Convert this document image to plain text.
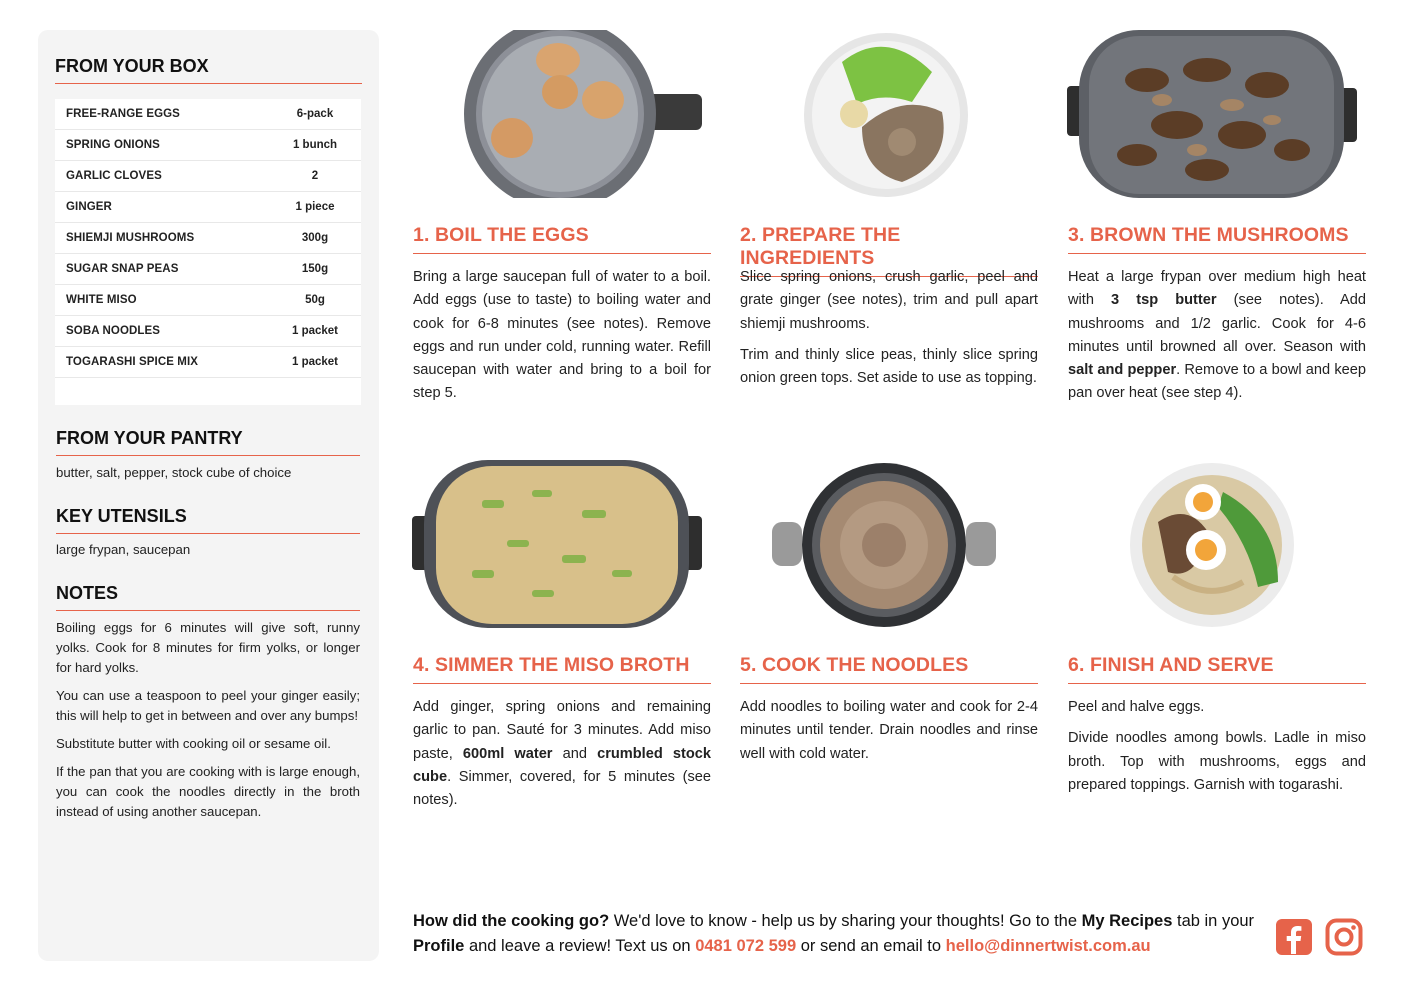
FROM YOUR BOX
FREE-RANGE EGGS	6-pack
SPRING ONIONS	1 bunch
GARLIC CLOVES	2
GINGER	1 piece
SHIEMJI MUSHROOMS	300g
SUGAR SNAP PEAS	150g
WHITE MISO	50g
SOBA NOODLES	1 packet
TOGARASHI SPICE MIX	1 packet
FROM YOUR PANTRY
butter, salt, pepper, stock cube of choice
KEY UTENSILS
large frypan, saucepan
NOTES

Boiling eggs for 6 minutes will give soft, runny yolks. Cook for 8 minutes for firm yolks, or longer for hard yolks.

You can use a teaspoon to peel your ginger easily; this will help to get in between and over any bumps!

Substitute butter with cooking oil or sesame oil.

If the pan that you are cooking with is large enough, you can cook the noodles directly in the broth instead of using another saucepan.

1. BOIL THE EGGS

Bring a large saucepan full of water to a boil. Add eggs (use to taste) to boiling water and cook for 6-8 minutes (see notes). Remove eggs and run under cold, running water. Refill saucepan with water and bring to a boil for step 5.

2. PREPARE THE INGREDIENTS

Slice spring onions, crush garlic, peel and grate ginger (see notes), trim and pull apart shiemji mushrooms.

Trim and thinly slice peas, thinly slice spring onion green tops. Set aside to use as topping.

3. BROWN THE MUSHROOMS

Heat a large frypan over medium high heat with 3 tsp butter (see notes). Add mushrooms and 1/2 garlic. Cook for 4-6 minutes until browned all over. Season with salt and pepper. Remove to a bowl and keep pan over heat (see step 4).

4. SIMMER THE MISO BROTH

Add ginger, spring onions and remaining garlic to pan. Sauté for 3 minutes. Add miso paste, 600ml water and crumbled stock cube. Simmer, covered, for 5 minutes (see notes).

5. COOK THE NOODLES

Add noodles to boiling water and cook for 2-4 minutes until tender. Drain noodles and rinse well with cold water.

6. FINISH AND SERVE

Peel and halve eggs.

Divide noodles among bowls. Ladle in miso broth. Top with mushrooms, eggs and prepared toppings. Garnish with togarashi.

How did the cooking go? We'd love to know - help us by sharing your thoughts! Go to the My Recipes tab in your Profile and leave a review! Text us on 0481 072 599 or send an email to hello@dinnertwist.com.au
